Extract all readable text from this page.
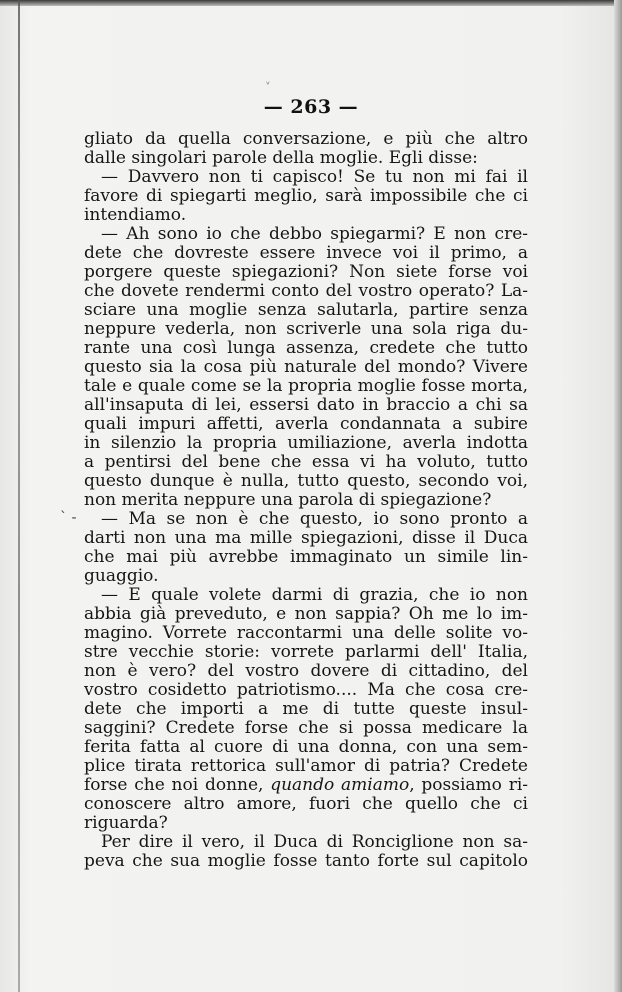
ᵛ
— 263 —
` ‑
gliato da quella conversazione, e più che altro
dalle singolari parole della moglie. Egli disse:
— Davvero non ti capisco! Se tu non mi fai il
favore di spiegarti meglio, sarà impossibile che ci
intendiamo.
— Ah sono io che debbo spiegarmi? E non cre-
dete che dovreste essere invece voi il primo, a
porgere queste spiegazioni? Non siete forse voi
che dovete rendermi conto del vostro operato? La-
sciare una moglie senza salutarla, partire senza
neppure vederla, non scriverle una sola riga du-
rante una così lunga assenza, credete che tutto
questo sia la cosa più naturale del mondo? Vivere
tale e quale come se la propria moglie fosse morta,
all'insaputa di lei, essersi dato in braccio a chi sa
quali impuri affetti, averla condannata a subire
in silenzio la propria umiliazione, averla indotta
a pentirsi del bene che essa vi ha voluto, tutto
questo dunque è nulla, tutto questo, secondo voi,
non merita neppure una parola di spiegazione?
— Ma se non è che questo, io sono pronto a
darti non una ma mille spiegazioni, disse il Duca
che mai più avrebbe immaginato un simile lin-
guaggio.
— E quale volete darmi di grazia, che io non
abbia già preveduto, e non sappia? Oh me lo im-
magino. Vorrete raccontarmi una delle solite vo-
stre vecchie storie: vorrete parlarmi dell' Italia,
non è vero? del vostro dovere di cittadino, del
vostro cosidetto patriotismo.... Ma che cosa cre-
dete che importi a me di tutte queste insul-
saggini? Credete forse che si possa medicare la
ferita fatta al cuore di una donna, con una sem-
plice tirata rettorica sull'amor di patria? Credete
forse che noi donne, quando amiamo, possiamo ri-
conoscere altro amore, fuori che quello che ci
riguarda?
Per dire il vero, il Duca di Ronciglione non sa-
peva che sua moglie fosse tanto forte sul capitolo
